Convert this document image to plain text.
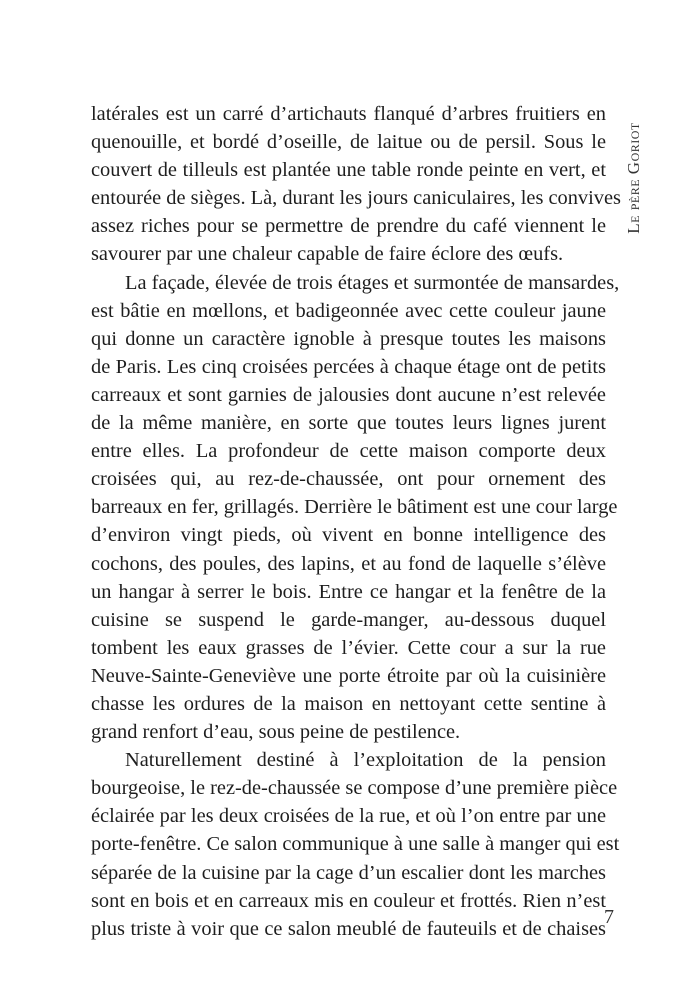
latérales est un carré d’artichauts flanqué d’arbres fruitiers en
quenouille, et bordé d’oseille, de laitue ou de persil. Sous le
couvert de tilleuls est plantée une table ronde peinte en vert, et
entourée de sièges. Là, durant les jours caniculaires, les convives
assez riches pour se permettre de prendre du café viennent le
savourer par une chaleur capable de faire éclore des œufs.

La façade, élevée de trois étages et surmontée de mansardes,
est bâtie en mœllons, et badigeonnée avec cette couleur jaune
qui donne un caractère ignoble à presque toutes les maisons
de Paris. Les cinq croisées percées à chaque étage ont de petits
carreaux et sont garnies de jalousies dont aucune n’est relevée
de la même manière, en sorte que toutes leurs lignes jurent
entre elles. La profondeur de cette maison comporte deux
croisées qui, au rez-de-chaussée, ont pour ornement des
barreaux en fer, grillagés. Derrière le bâtiment est une cour large
d’environ vingt pieds, où vivent en bonne intelligence des
cochons, des poules, des lapins, et au fond de laquelle s’élève
un hangar à serrer le bois. Entre ce hangar et la fenêtre de la
cuisine se suspend le garde-manger, au-dessous duquel
tombent les eaux grasses de l’évier. Cette cour a sur la rue
Neuve-Sainte-Geneviève une porte étroite par où la cuisinière
chasse les ordures de la maison en nettoyant cette sentine à
grand renfort d’eau, sous peine de pestilence.

Naturellement destiné à l’exploitation de la pension
bourgeoise, le rez-de-chaussée se compose d’une première pièce
éclairée par les deux croisées de la rue, et où l’on entre par une
porte-fenêtre. Ce salon communique à une salle à manger qui est
séparée de la cuisine par la cage d’un escalier dont les marches
sont en bois et en carreaux mis en couleur et frottés. Rien n’est
plus triste à voir que ce salon meublé de fauteuils et de chaises

Le père Goriot
7
